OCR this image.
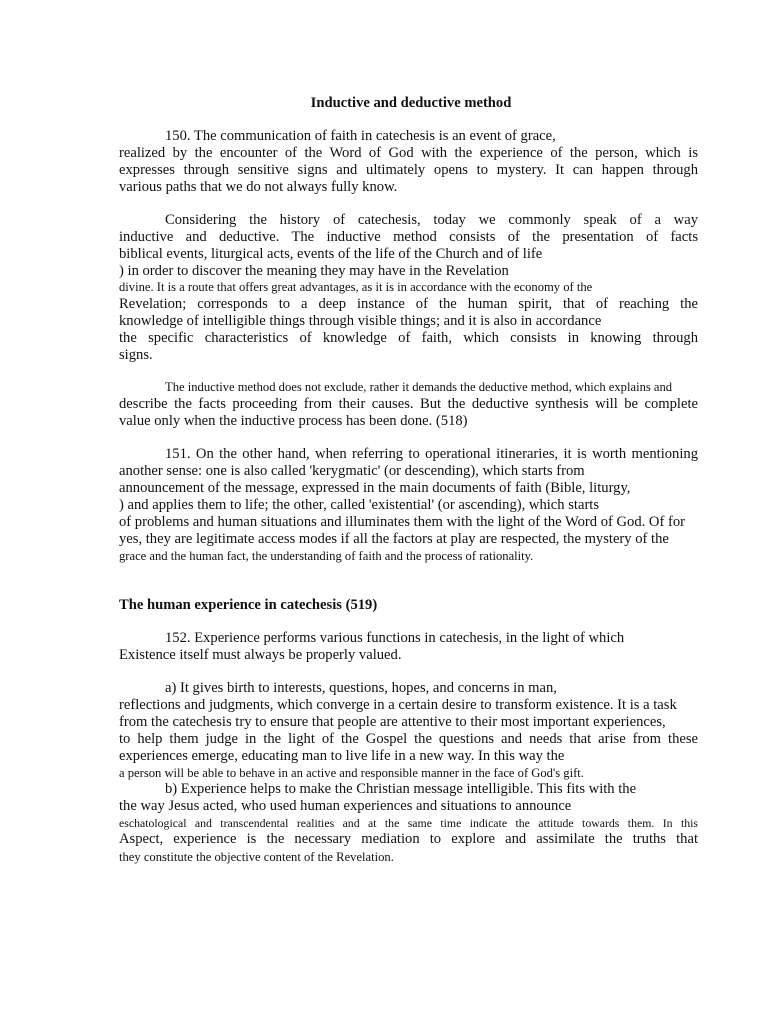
Inductive and deductive method
150. The communication of faith in catechesis is an event of grace,
realized by the encounter of the Word of God with the experience of the person, which is
expresses through sensitive signs and ultimately opens to mystery. It can happen through
various paths that we do not always fully know.
Considering the history of catechesis, today we commonly speak of a way
inductive and deductive. The inductive method consists of the presentation of facts
biblical events, liturgical acts, events of the life of the Church and of life
) in order to discover the meaning they may have in the Revelation
divine. It is a route that offers great advantages, as it is in accordance with the economy of the
Revelation; corresponds to a deep instance of the human spirit, that of reaching the
knowledge of intelligible things through visible things; and it is also in accordance
the specific characteristics of knowledge of faith, which consists in knowing through
signs.
The inductive method does not exclude, rather it demands the deductive method, which explains and
describe the facts proceeding from their causes. But the deductive synthesis will be complete
value only when the inductive process has been done. (518)
151. On the other hand, when referring to operational itineraries, it is worth mentioning
another sense: one is also called 'kerygmatic' (or descending), which starts from
announcement of the message, expressed in the main documents of faith (Bible, liturgy,
) and applies them to life; the other, called 'existential' (or ascending), which starts
of problems and human situations and illuminates them with the light of the Word of God. Of for
yes, they are legitimate access modes if all the factors at play are respected, the mystery of the
grace and the human fact, the understanding of faith and the process of rationality.
The human experience in catechesis (519)
152. Experience performs various functions in catechesis, in the light of which
Existence itself must always be properly valued.
a) It gives birth to interests, questions, hopes, and concerns in man,
reflections and judgments, which converge in a certain desire to transform existence. It is a task
from the catechesis try to ensure that people are attentive to their most important experiences,
to help them judge in the light of the Gospel the questions and needs that arise from these
experiences emerge, educating man to live life in a new way. In this way the
a person will be able to behave in an active and responsible manner in the face of God's gift.
b) Experience helps to make the Christian message intelligible. This fits with the
the way Jesus acted, who used human experiences and situations to announce
eschatological and transcendental realities and at the same time indicate the attitude towards them. In this
Aspect, experience is the necessary mediation to explore and assimilate the truths that
they constitute the objective content of the Revelation.
